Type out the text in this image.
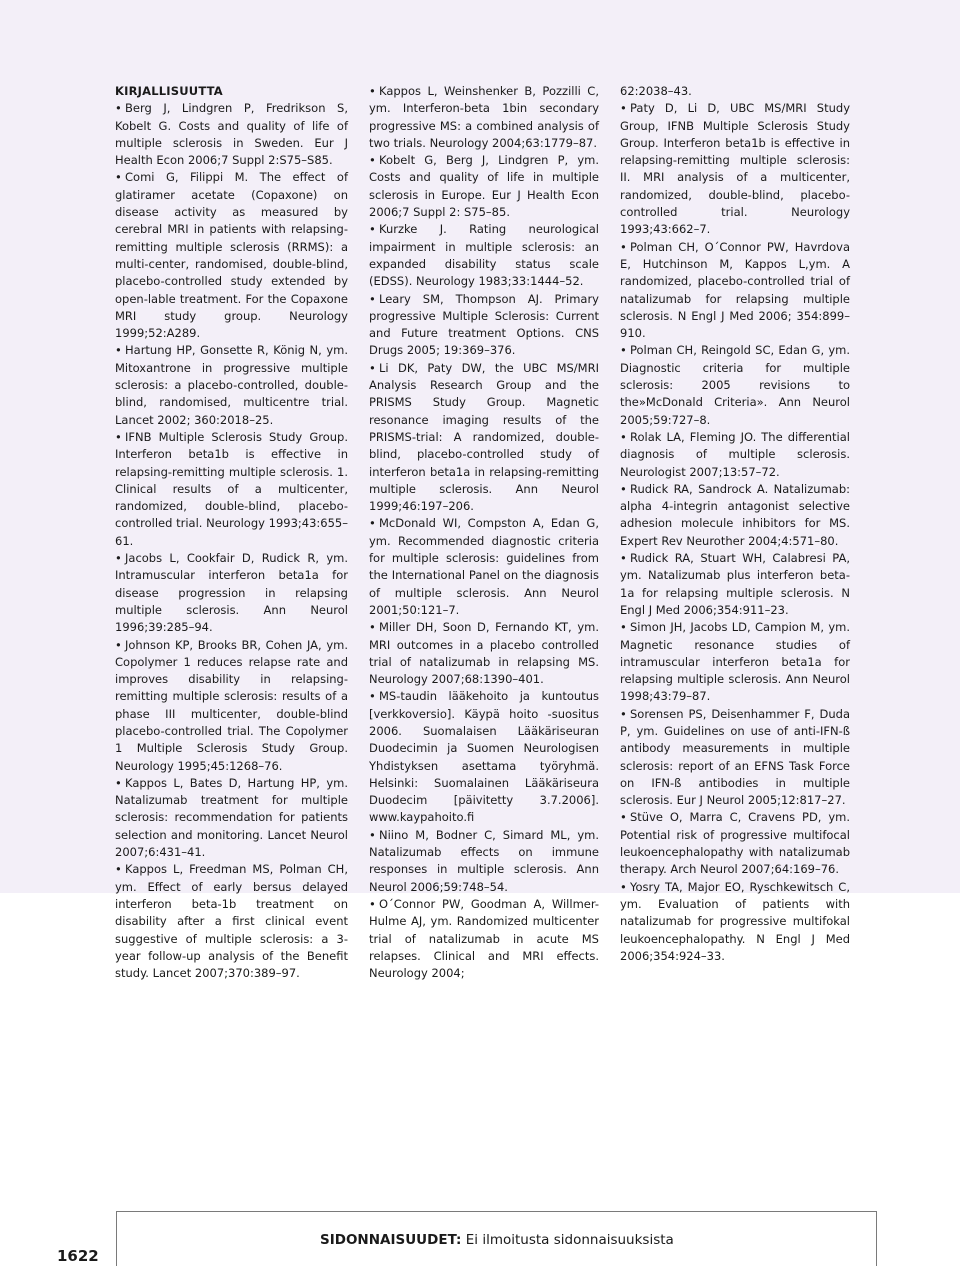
KIRJALLISUUTTA

• Berg J, Lindgren P, Fredrikson S, Kobelt G. Costs and quality of life of multiple sclerosis in Sweden. Eur J Health Econ 2006;7 Suppl 2:S75–S85.

• Comi G, Filippi M. The effect of glatiramer acetate (Copaxone) on disease activity as measured by cerebral MRI in patients with relapsing-remitting multiple sclerosis (RRMS): a multi-center, randomised, double-blind, placebo-controlled study extended by open-lable treatment. For the Copaxone MRI study group. Neurology 1999;52:A289.

• Hartung HP, Gonsette R, König N, ym. Mitoxantrone in progressive multiple sclerosis: a placebo-controlled, double-blind, randomised, multicentre trial. Lancet 2002; 360:2018–25.

• IFNB Multiple Sclerosis Study Group. Interferon beta1b is effective in relapsing-remitting multiple sclerosis. 1. Clinical results of a multicenter, randomized, double-blind, placebo-controlled trial. Neurology 1993;43:655–61.

• Jacobs L, Cookfair D, Rudick R, ym. Intramuscular interferon beta1a for disease progression in relapsing multiple sclerosis. Ann Neurol 1996;39:285–94.

• Johnson KP, Brooks BR, Cohen JA, ym. Copolymer 1 reduces relapse rate and improves disability in relapsing-remitting multiple sclerosis: results of a phase III multicenter, double-blind placebo-controlled trial. The Copolymer 1 Multiple Sclerosis Study Group. Neurology 1995;45:1268–76.

• Kappos L, Bates D, Hartung HP, ym. Natalizumab treatment for multiple sclerosis: recommendation for patients selection and monitoring. Lancet Neurol 2007;6:431–41.

• Kappos L, Freedman MS, Polman CH, ym. Effect of early bersus delayed interferon beta-1b treatment on disability after a first clinical event suggestive of multiple sclerosis: a 3-year follow-up analysis of the Benefit study. Lancet 2007;370:389–97.

• Kappos L, Weinshenker B, Pozzilli C, ym. Interferon-beta 1bin secondary progressive MS: a combined analysis of two trials. Neurology 2004;63:1779–87.

• Kobelt G, Berg J, Lindgren P, ym. Costs and quality of life in multiple sclerosis in Europe. Eur J Health Econ 2006;7 Suppl 2: S75–85.

• Kurzke J. Rating neurological impairment in multiple sclerosis: an expanded disability status scale (EDSS). Neurology 1983;33:1444–52.

• Leary SM, Thompson AJ. Primary progressive Multiple Sclerosis: Current and Future treatment Options. CNS Drugs 2005; 19:369–376.

• Li DK, Paty DW, the UBC MS/MRI Analysis Research Group and the PRISMS Study Group. Magnetic resonance imaging results of the PRISMS-trial: A randomized, double-blind, placebo-controlled study of interferon beta1a in relapsing-remitting multiple sclerosis. Ann Neurol 1999;46:197–206.

• McDonald WI, Compston A, Edan G, ym. Recommended diagnostic criteria for multiple sclerosis: guidelines from the International Panel on the diagnosis of multiple sclerosis. Ann Neurol 2001;50:121–7.

• Miller DH, Soon D, Fernando KT, ym. MRI outcomes in a placebo controlled trial of natalizumab in relapsing MS. Neurology 2007;68:1390–401.

• MS-taudin lääkehoito ja kuntoutus [verkkoversio]. Käypä hoito -suositus 2006. Suomalaisen Lääkäriseuran Duodecimin ja Suomen Neurologisen Yhdistyksen asettama työryhmä. Helsinki: Suomalainen Lääkäriseura Duodecim [päivitetty 3.7.2006]. www.kaypahoito.fi

• Niino M, Bodner C, Simard ML, ym. Natalizumab effects on immune responses in multiple sclerosis. Ann Neurol 2006;59:748–54.

• O´Connor PW, Goodman A, Willmer-Hulme AJ, ym. Randomized multicenter trial of natalizumab in acute MS relapses. Clinical and MRI effects. Neurology 2004;

62:2038–43.

• Paty D, Li D, UBC MS/MRI Study Group, IFNB Multiple Sclerosis Study Group. Interferon beta1b is effective in relapsing-remitting multiple sclerosis: II. MRI analysis of a multicenter, randomized, double-blind, placebo-controlled trial. Neurology 1993;43:662–7.

• Polman CH, O´Connor PW, Havrdova E, Hutchinson M, Kappos L,ym. A randomized, placebo-controlled trial of natalizumab for relapsing multiple sclerosis. N Engl J Med 2006; 354:899–910.

• Polman CH, Reingold SC, Edan G, ym. Diagnostic criteria for multiple sclerosis: 2005 revisions to the»McDonald Criteria». Ann Neurol 2005;59:727–8.

• Rolak LA, Fleming JO. The differential diagnosis of multiple sclerosis. Neurologist 2007;13:57–72.

• Rudick RA, Sandrock A. Natalizumab: alpha 4-integrin antagonist selective adhesion molecule inhibitors for MS. Expert Rev Neurother 2004;4:571–80.

• Rudick RA, Stuart WH, Calabresi PA, ym. Natalizumab plus interferon beta-1a for relapsing multiple sclerosis. N Engl J Med 2006;354:911–23.

• Simon JH, Jacobs LD, Campion M, ym. Magnetic resonance studies of intramuscular interferon beta1a for relapsing multiple sclerosis. Ann Neurol 1998;43:79–87.

• Sorensen PS, Deisenhammer F, Duda P, ym. Guidelines on use of anti-IFN-ß antibody measurements in multiple sclerosis: report of an EFNS Task Force on IFN-ß antibodies in multiple sclerosis. Eur J Neurol 2005;12:817–27.

• Stüve O, Marra C, Cravens PD, ym. Potential risk of progressive multifocal leukoencephalopathy with natalizumab therapy. Arch Neurol 2007;64:169–76.

• Yosry TA, Major EO, Ryschkewitsch C, ym. Evaluation of patients with natalizumab for progressive multifokal leukoencephalopathy. N Engl J Med 2006;354:924–33.

1622
SIDONNAISUUDET: Ei ilmoitusta sidonnaisuuksista
